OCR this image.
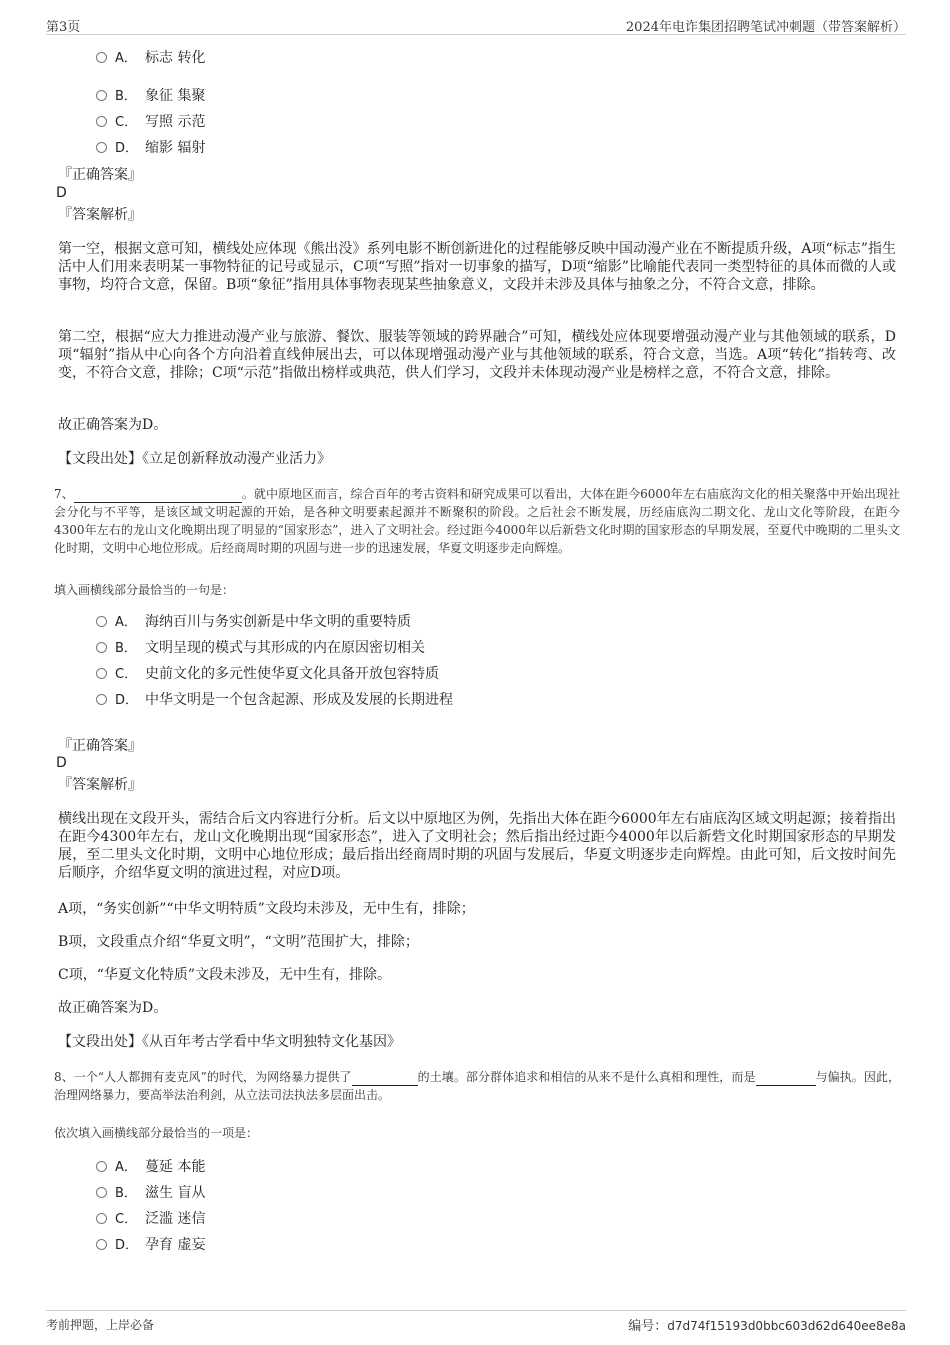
第3页	2024年电诈集团招聘笔试冲刺题（带答案解析）
A． 标志 转化
B． 象征 集聚
C． 写照 示范
D． 缩影 辐射
『正确答案』
D
『答案解析』

第一空，根据文意可知，横线处应体现《熊出没》系列电影不断创新进化的过程能够反映中国动漫产业在不断提质升级，A项“标志”指生活中人们用来表明某一事物特征的记号或显示，C项“写照”指对一切事象的描写，D项“缩影”比喻能代表同一类型特征的具体而微的人或事物，均符合文意，保留。B项“象征”指用具体事物表现某些抽象意义，文段并未涉及具体与抽象之分，不符合文意，排除。

第二空，根据“应大力推进动漫产业与旅游、餐饮、服装等领域的跨界融合”可知，横线处应体现要增强动漫产业与其他领域的联系，D项“辐射”指从中心向各个方向沿着直线伸展出去，可以体现增强动漫产业与其他领域的联系，符合文意，当选。A项“转化”指转弯、改变，不符合文意，排除；C项“示范”指做出榜样或典范，供人们学习，文段并未体现动漫产业是榜样之意，不符合文意，排除。

故正确答案为D。

【文段出处】《立足创新释放动漫产业活力》

7、	。就中原地区而言，综合百年的考古资料和研究成果可以看出，大体在距今6000年左右庙底沟文化的相关聚落中开始出现社会分化与不平等，是该区域文明起源的开始，是各种文明要素起源并不断聚积的阶段。之后社会不断发展，历经庙底沟二期文化、龙山文化等阶段，在距今4300年左右的龙山文化晚期出现了明显的“国家形态”，进入了文明社会。经过距今4000年以后新砦文化时期的国家形态的早期发展，至夏代中晚期的二里头文化时期，文明中心地位形成。后经商周时期的巩固与进一步的迅速发展，华夏文明逐步走向辉煌。

填入画横线部分最恰当的一句是：
A． 海纳百川与务实创新是中华文明的重要特质
B． 文明呈现的模式与其形成的内在原因密切相关
C． 史前文化的多元性使华夏文化具备开放包容特质
D． 中华文明是一个包含起源、形成及发展的长期进程
『正确答案』
D
『答案解析』

横线出现在文段开头，需结合后文内容进行分析。后文以中原地区为例，先指出大体在距今6000年左右庙底沟区域文明起源；接着指出在距今4300年左右，龙山文化晚期出现“国家形态”，进入了文明社会；然后指出经过距今4000年以后新砦文化时期国家形态的早期发展，至二里头文化时期，文明中心地位形成；最后指出经商周时期的巩固与发展后，华夏文明逐步走向辉煌。由此可知，后文按时间先后顺序，介绍华夏文明的演进过程，对应D项。

A项，“务实创新”“中华文明特质”文段均未涉及，无中生有，排除；

B项，文段重点介绍“华夏文明”，“文明”范围扩大，排除；

C项，“华夏文化特质”文段未涉及，无中生有，排除。

故正确答案为D。

【文段出处】《从百年考古学看中华文明独特文化基因》

8、一个“人人都拥有麦克风”的时代，为网络暴力提供了	的土壤。部分群体追求和相信的从来不是什么真相和理性，而是	与偏执。因此，治理网络暴力，要高举法治利剑，从立法司法执法多层面出击。

依次填入画横线部分最恰当的一项是：
A． 蔓延 本能
B． 滋生 盲从
C． 泛滥 迷信
D． 孕育 虚妄
考前押题，上岸必备	编号：d7d74f15193d0bbc603d62d640ee8e8a
